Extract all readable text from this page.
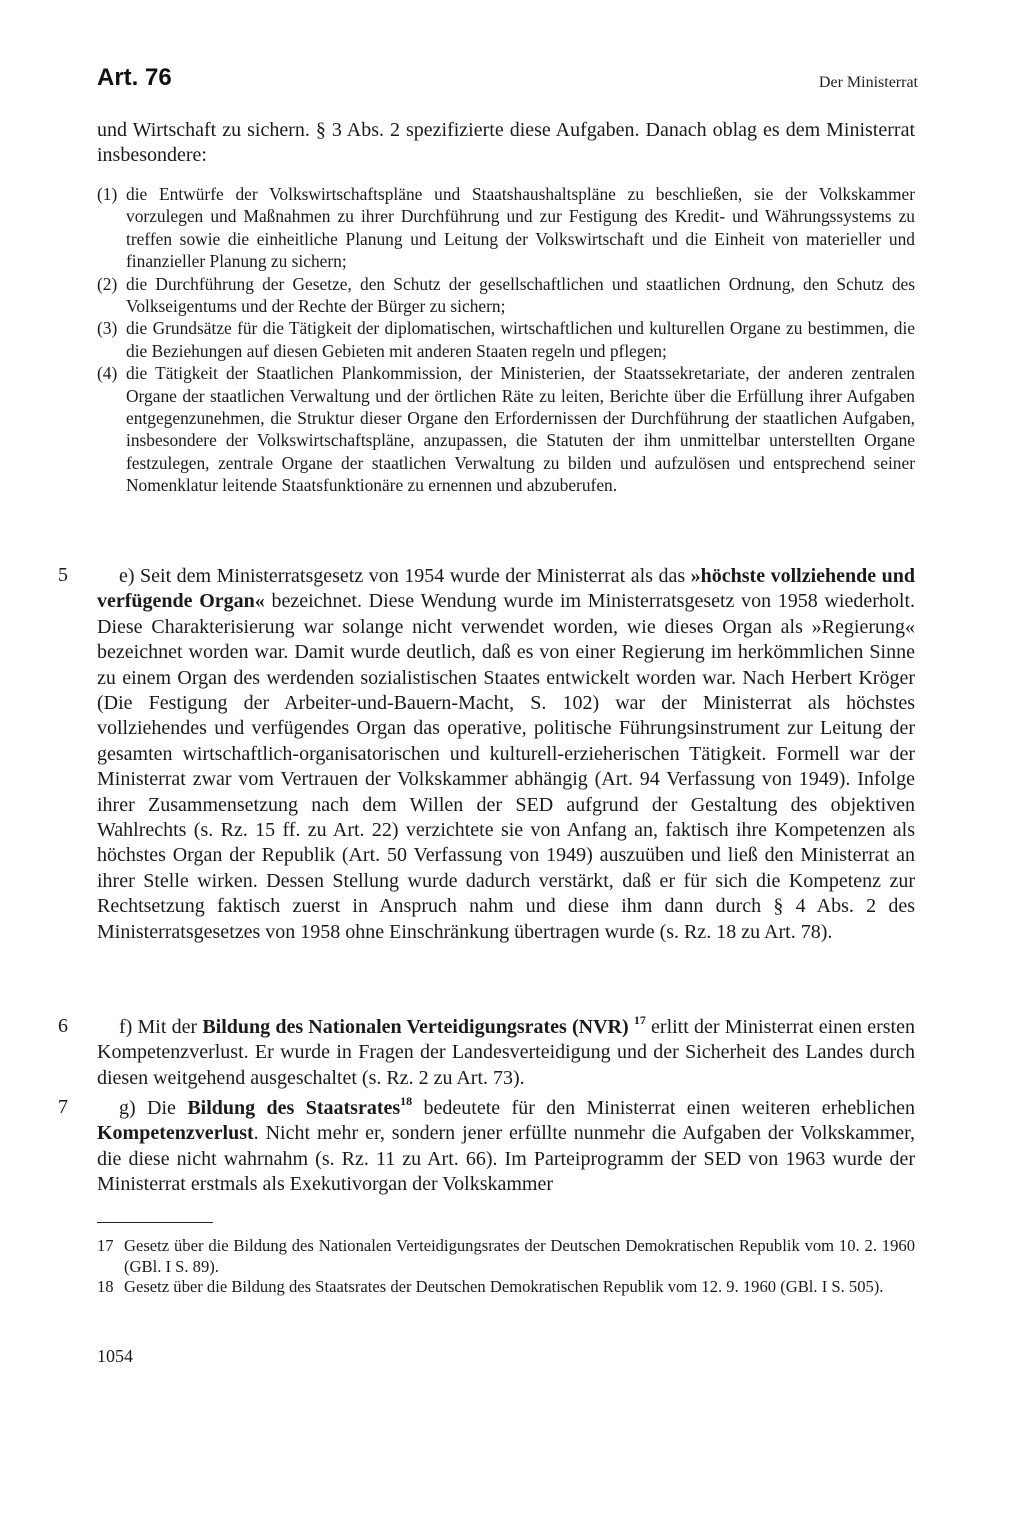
Art. 76	Der Ministerrat
und Wirtschaft zu sichern. § 3 Abs. 2 spezifizierte diese Aufgaben. Danach oblag es dem Ministerrat insbesondere:
(1) die Entwürfe der Volkswirtschaftspläne und Staatshaushaltspläne zu beschließen, sie der Volkskammer vorzulegen und Maßnahmen zu ihrer Durchführung und zur Festigung des Kredit- und Währungssystems zu treffen sowie die einheitliche Planung und Leitung der Volkswirtschaft und die Einheit von materieller und finanzieller Planung zu sichern;
(2) die Durchführung der Gesetze, den Schutz der gesellschaftlichen und staatlichen Ordnung, den Schutz des Volkseigentums und der Rechte der Bürger zu sichern;
(3) die Grundsätze für die Tätigkeit der diplomatischen, wirtschaftlichen und kulturellen Organe zu bestimmen, die die Beziehungen auf diesen Gebieten mit anderen Staaten regeln und pflegen;
(4) die Tätigkeit der Staatlichen Plankommission, der Ministerien, der Staatssekretariate, der anderen zentralen Organe der staatlichen Verwaltung und der örtlichen Räte zu leiten, Berichte über die Erfüllung ihrer Aufgaben entgegenzunehmen, die Struktur dieser Organe den Erfordernissen der Durchführung der staatlichen Aufgaben, insbesondere der Volkswirtschaftspläne, anzupassen, die Statuten der ihm unmittelbar unterstellten Organe festzulegen, zentrale Organe der staatlichen Verwaltung zu bilden und aufzulösen und entsprechend seiner Nomenklatur leitende Staatsfunktionäre zu ernennen und abzuberufen.
5	e) Seit dem Ministerratsgesetz von 1954 wurde der Ministerrat als das »höchste vollziehende und verfügende Organ« bezeichnet. Diese Wendung wurde im Ministerratsgesetz von 1958 wiederholt. Diese Charakterisierung war solange nicht verwendet worden, wie dieses Organ als »Regierung« bezeichnet worden war. Damit wurde deutlich, daß es von einer Regierung im herkömmlichen Sinne zu einem Organ des werdenden sozialistischen Staates entwickelt worden war. Nach Herbert Kröger (Die Festigung der Arbeiter-und-Bauern-Macht, S. 102) war der Ministerrat als höchstes vollziehendes und verfügendes Organ das operative, politische Führungsinstrument zur Leitung der gesamten wirtschaftlich-organisatorischen und kulturell-erzieherischen Tätigkeit. Formell war der Ministerrat zwar vom Vertrauen der Volkskammer abhängig (Art. 94 Verfassung von 1949). Infolge ihrer Zusammensetzung nach dem Willen der SED aufgrund der Gestaltung des objektiven Wahlrechts (s. Rz. 15 ff. zu Art. 22) verzichtete sie von Anfang an, faktisch ihre Kompetenzen als höchstes Organ der Republik (Art. 50 Verfassung von 1949) auszuüben und ließ den Ministerrat an ihrer Stelle wirken. Dessen Stellung wurde dadurch verstärkt, daß er für sich die Kompetenz zur Rechtsetzung faktisch zuerst in Anspruch nahm und diese ihm dann durch § 4 Abs. 2 des Ministerratsgesetzes von 1958 ohne Einschränkung übertragen wurde (s. Rz. 18 zu Art. 78).

6	f) Mit der Bildung des Nationalen Verteidigungsrates (NVR) $^{17}$ erlitt der Ministerrat einen ersten Kompetenzverlust. Er wurde in Fragen der Landesverteidigung und der Sicherheit des Landes durch diesen weitgehend ausgeschaltet (s. Rz. 2 zu Art. 73).

7	g) Die Bildung des Staatsrates$^{18}$ bedeutete für den Ministerrat einen weiteren erheblichen Kompetenzverlust. Nicht mehr er, sondern jener erfüllte nunmehr die Aufgaben der Volkskammer, die diese nicht wahrnahm (s. Rz. 11 zu Art. 66). Im Parteiprogramm der SED von 1963 wurde der Ministerrat erstmals als Exekutivorgan der Volkskammer

17 Gesetz über die Bildung des Nationalen Verteidigungsrates der Deutschen Demokratischen Republik vom 10. 2. 1960 (GBl. I S. 89).
18 Gesetz über die Bildung des Staatsrates der Deutschen Demokratischen Republik vom 12. 9. 1960 (GBl. I S. 505).
1054
